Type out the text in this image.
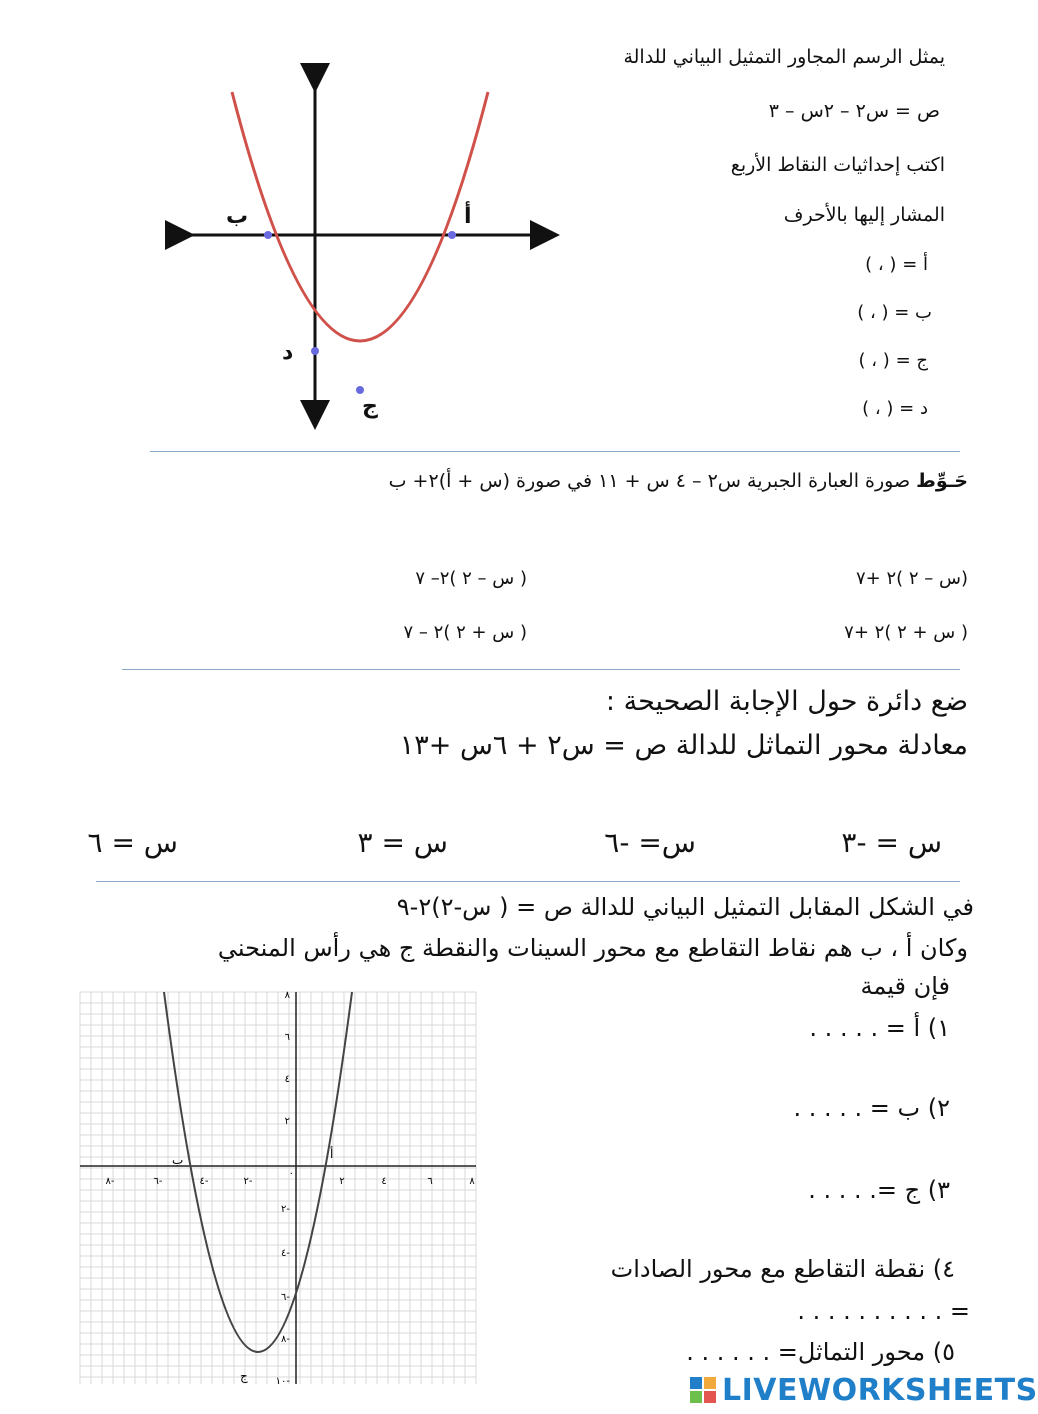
يمثل الرسم المجاور التمثيل البياني للدالة
ص = س٢ – ٢س – ٣
اكتب إحداثيات النقاط الأربع
المشار إليها بالأحرف
أ = ( ، )
ب = ( ، )
ج = ( ، )
د = ( ، )
ب	أ
د
ج
حَـوِّط صورة العبارة الجبرية س٢ – ٤ س + ١١ في صورة (س + أ)٢+ ب
(س – ٢ )٢ +٧
( س – ٢ )٢– ٧
( س + ٢ )٢ +٧
( س + ٢ )٢ – ٧
ضع دائرة حول الإجابة الصحيحة :
معادلة محور التماثل للدالة ص = س٢ + ٦س +١٣
س = -٣
س= -٦
س = ٣
س = ٦
في الشكل المقابل التمثيل البياني للدالة ص = ( س-٢)٢-٩
وكان أ ، ب هم نقاط التقاطع مع محور السينات والنقطة ج هي رأس المنحني
فإن قيمة
١) أ = . . . . .
٢) ب = . . . . .
٣) ج =. . . . .
٤) نقطة التقاطع مع محور الصادات
= . . . . . . . . . .
٥) محور التماثل= . . . . . .
٨-	٦-	٤-	٢-	٢	٤	٦	٨
٨
٦
٤
٢
٢-
٤-
٦-
٨-
١٠-
٠
ب	أ
ج	LIVEWORKSHEETS
